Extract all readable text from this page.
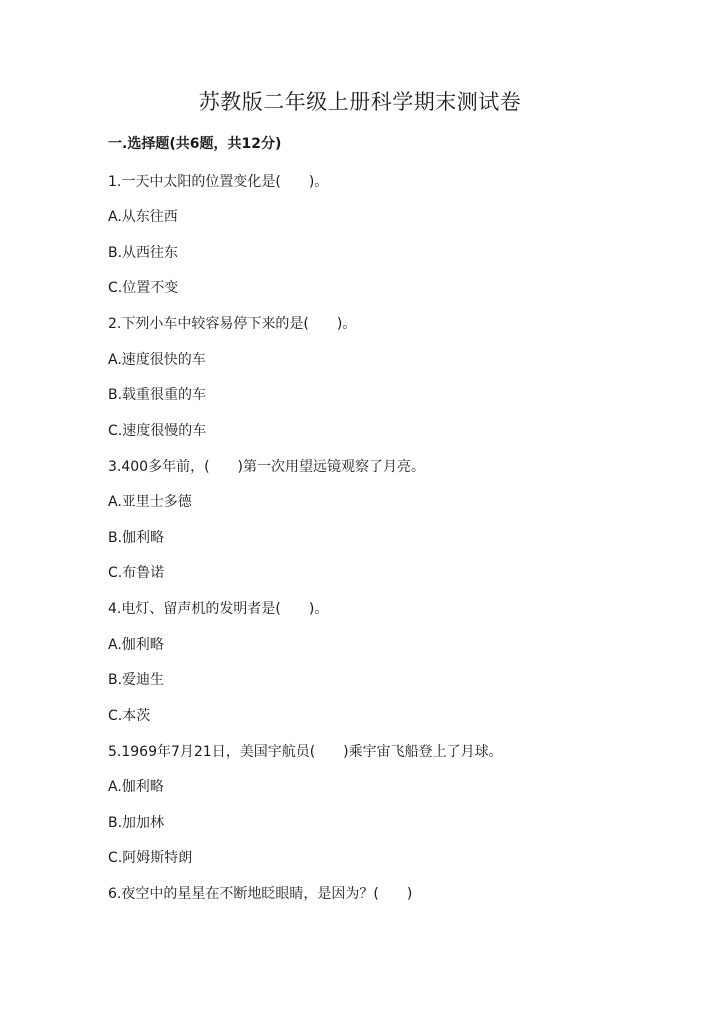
苏教版二年级上册科学期末测试卷
一.选择题(共6题，共12分)
1.一天中太阳的位置变化是(　　)。
A.从东往西
B.从西往东
C.位置不变
2.下列小车中较容易停下来的是(　　)。
A.速度很快的车
B.载重很重的车
C.速度很慢的车
3.400多年前，(　　)第一次用望远镜观察了月亮。
A.亚里士多德
B.伽利略
C.布鲁诺
4.电灯、留声机的发明者是(　　)。
A.伽利略
B.爱迪生
C.本茨
5.1969年7月21日，美国宇航员(　　)乘宇宙飞船登上了月球。
A.伽利略
B.加加林
C.阿姆斯特朗
6.夜空中的星星在不断地眨眼睛，是因为？(　　)
